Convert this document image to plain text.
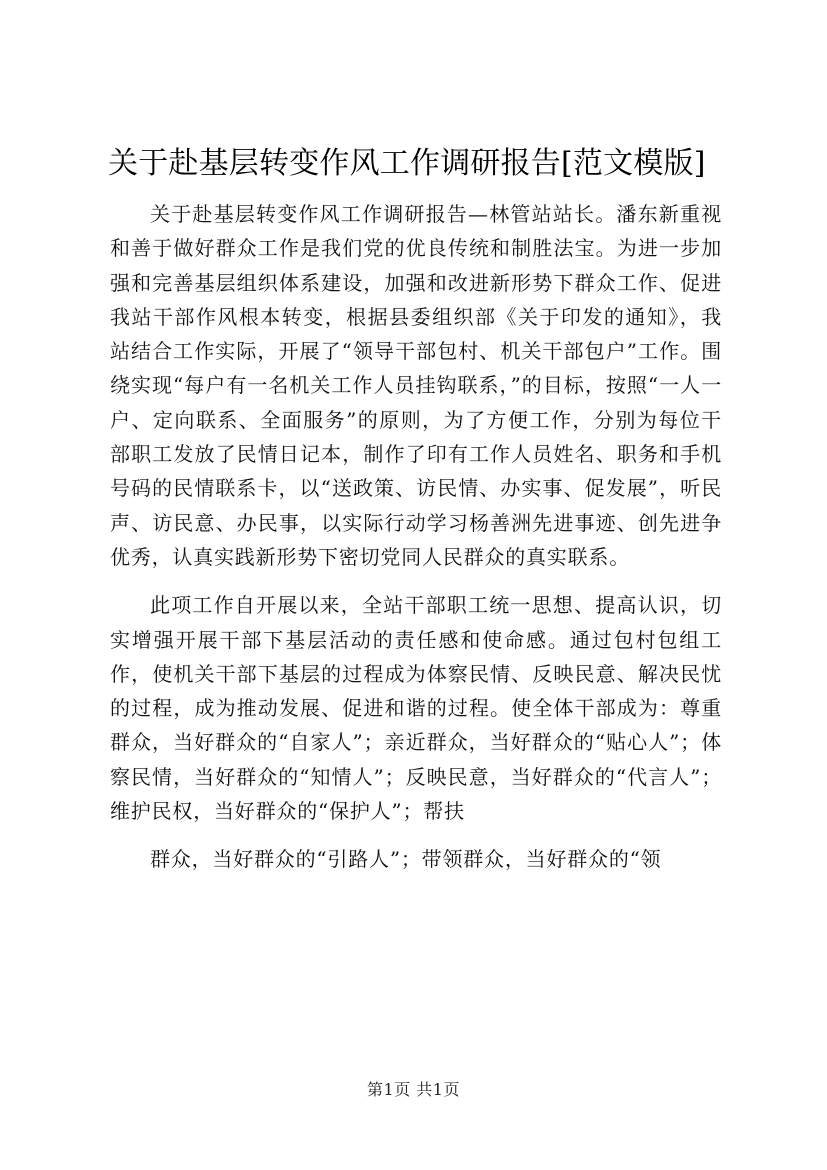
关于赴基层转变作风工作调研报告[范文模版]

关于赴基层转变作风工作调研报告—林管站站长。潘东新重视和善于做好群众工作是我们党的优良传统和制胜法宝。为进一步加强和完善基层组织体系建设，加强和改进新形势下群众工作、促进我站干部作风根本转变，根据县委组织部《关于印发的通知》，我站结合工作实际，开展了“领导干部包村、机关干部包户”工作。围绕实现“每户有一名机关工作人员挂钩联系，”的目标，按照“一人一户、定向联系、全面服务”的原则，为了方便工作，分别为每位干部职工发放了民情日记本，制作了印有工作人员姓名、职务和手机号码的民情联系卡，以“送政策、访民情、办实事、促发展”，听民声、访民意、办民事，以实际行动学习杨善洲先进事迹、创先进争优秀，认真实践新形势下密切党同人民群众的真实联系。

此项工作自开展以来，全站干部职工统一思想、提高认识，切实增强开展干部下基层活动的责任感和使命感。通过包村包组工作，使机关干部下基层的过程成为体察民情、反映民意、解决民忧的过程，成为推动发展、促进和谐的过程。使全体干部成为：尊重群众，当好群众的“自家人”；亲近群众，当好群众的“贴心人”；体察民情，当好群众的“知情人”；反映民意，当好群众的“代言人”；维护民权，当好群众的“保护人”；帮扶

群众，当好群众的“引路人”；带领群众，当好群众的“领

第1页 共1页
